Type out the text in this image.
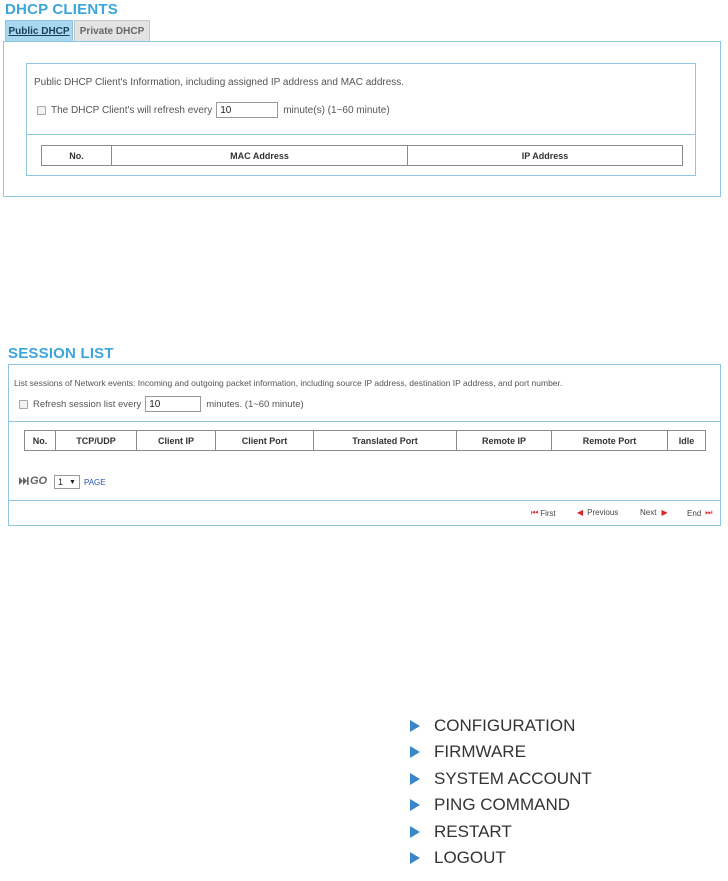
DHCP CLIENTS
Public DHCP	Private DHCP
Public DHCP Client's Information, including assigned IP address and MAC address.
The DHCP Client's will refresh every
10	minute(s) (1~60 minute)
No.	MAC Address	IP Address
SESSION LIST
List sessions of Network events: Incoming and outgoing packet information, including source IP address, destination IP address, and port number.
Refresh session list every
10	minutes. (1~60 minute)
No.	TCP/UDP	Client IP	Client Port	Translated Port	Remote IP	Remote Port	Idle
GO 1 ▼ PAGE
⏮ First	◀ Previous	Next ▶ End ⏭
CONFIGURATION
FIRMWARE
SYSTEM ACCOUNT
PING COMMAND
RESTART
LOGOUT
